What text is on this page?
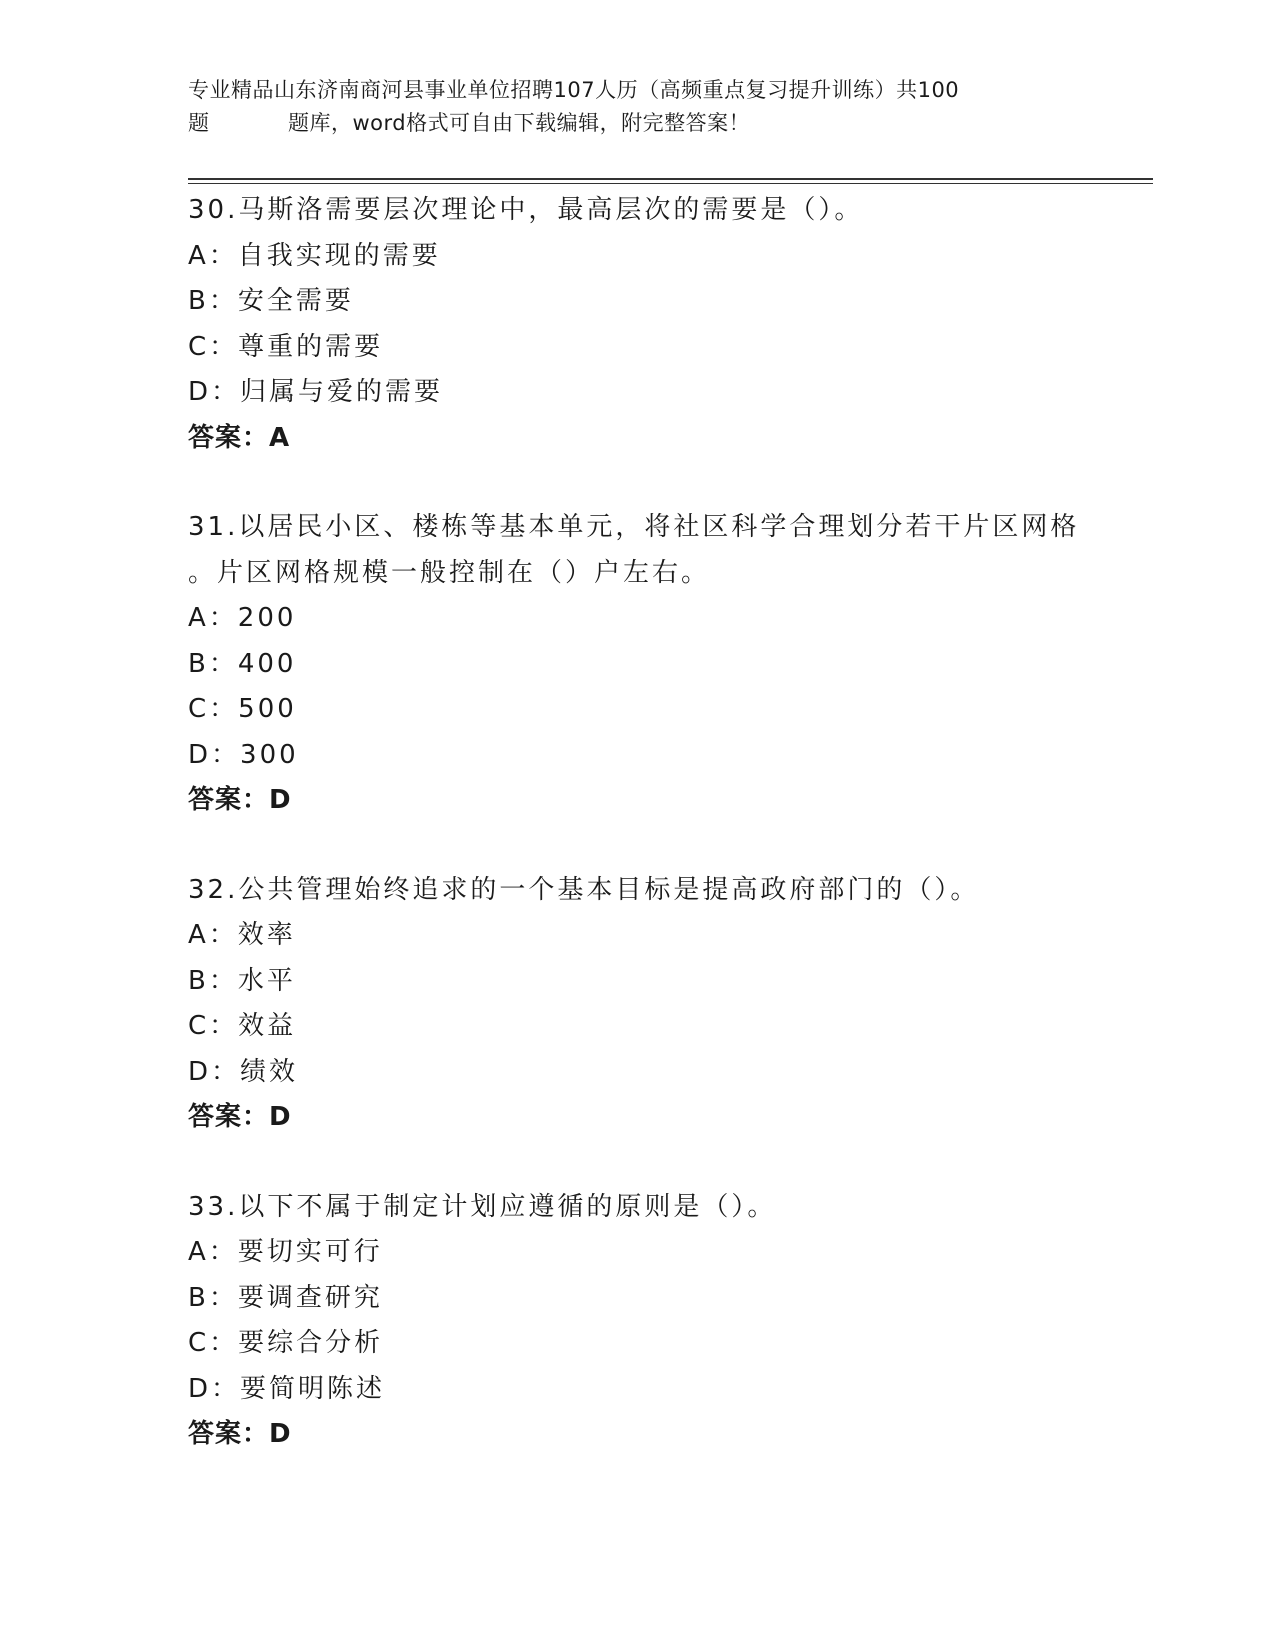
专业精品山东济南商河县事业单位招聘107人历（高频重点复习提升训练）共100
题	题库，word格式可自由下载编辑，附完整答案！
30.马斯洛需要层次理论中，最高层次的需要是（）。
A：自我实现的需要
B：安全需要
C：尊重的需要
D：归属与爱的需要
答案：A
31.以居民小区、楼栋等基本单元，将社区科学合理划分若干片区网格
。片区网格规模一般控制在（）户左右。
A：200
B：400
C：500
D：300
答案：D
32.公共管理始终追求的一个基本目标是提高政府部门的（）。
A：效率
B：水平
C：效益
D：绩效
答案：D
33.以下不属于制定计划应遵循的原则是（）。
A：要切实可行
B：要调查研究
C：要综合分析
D：要简明陈述
答案：D
